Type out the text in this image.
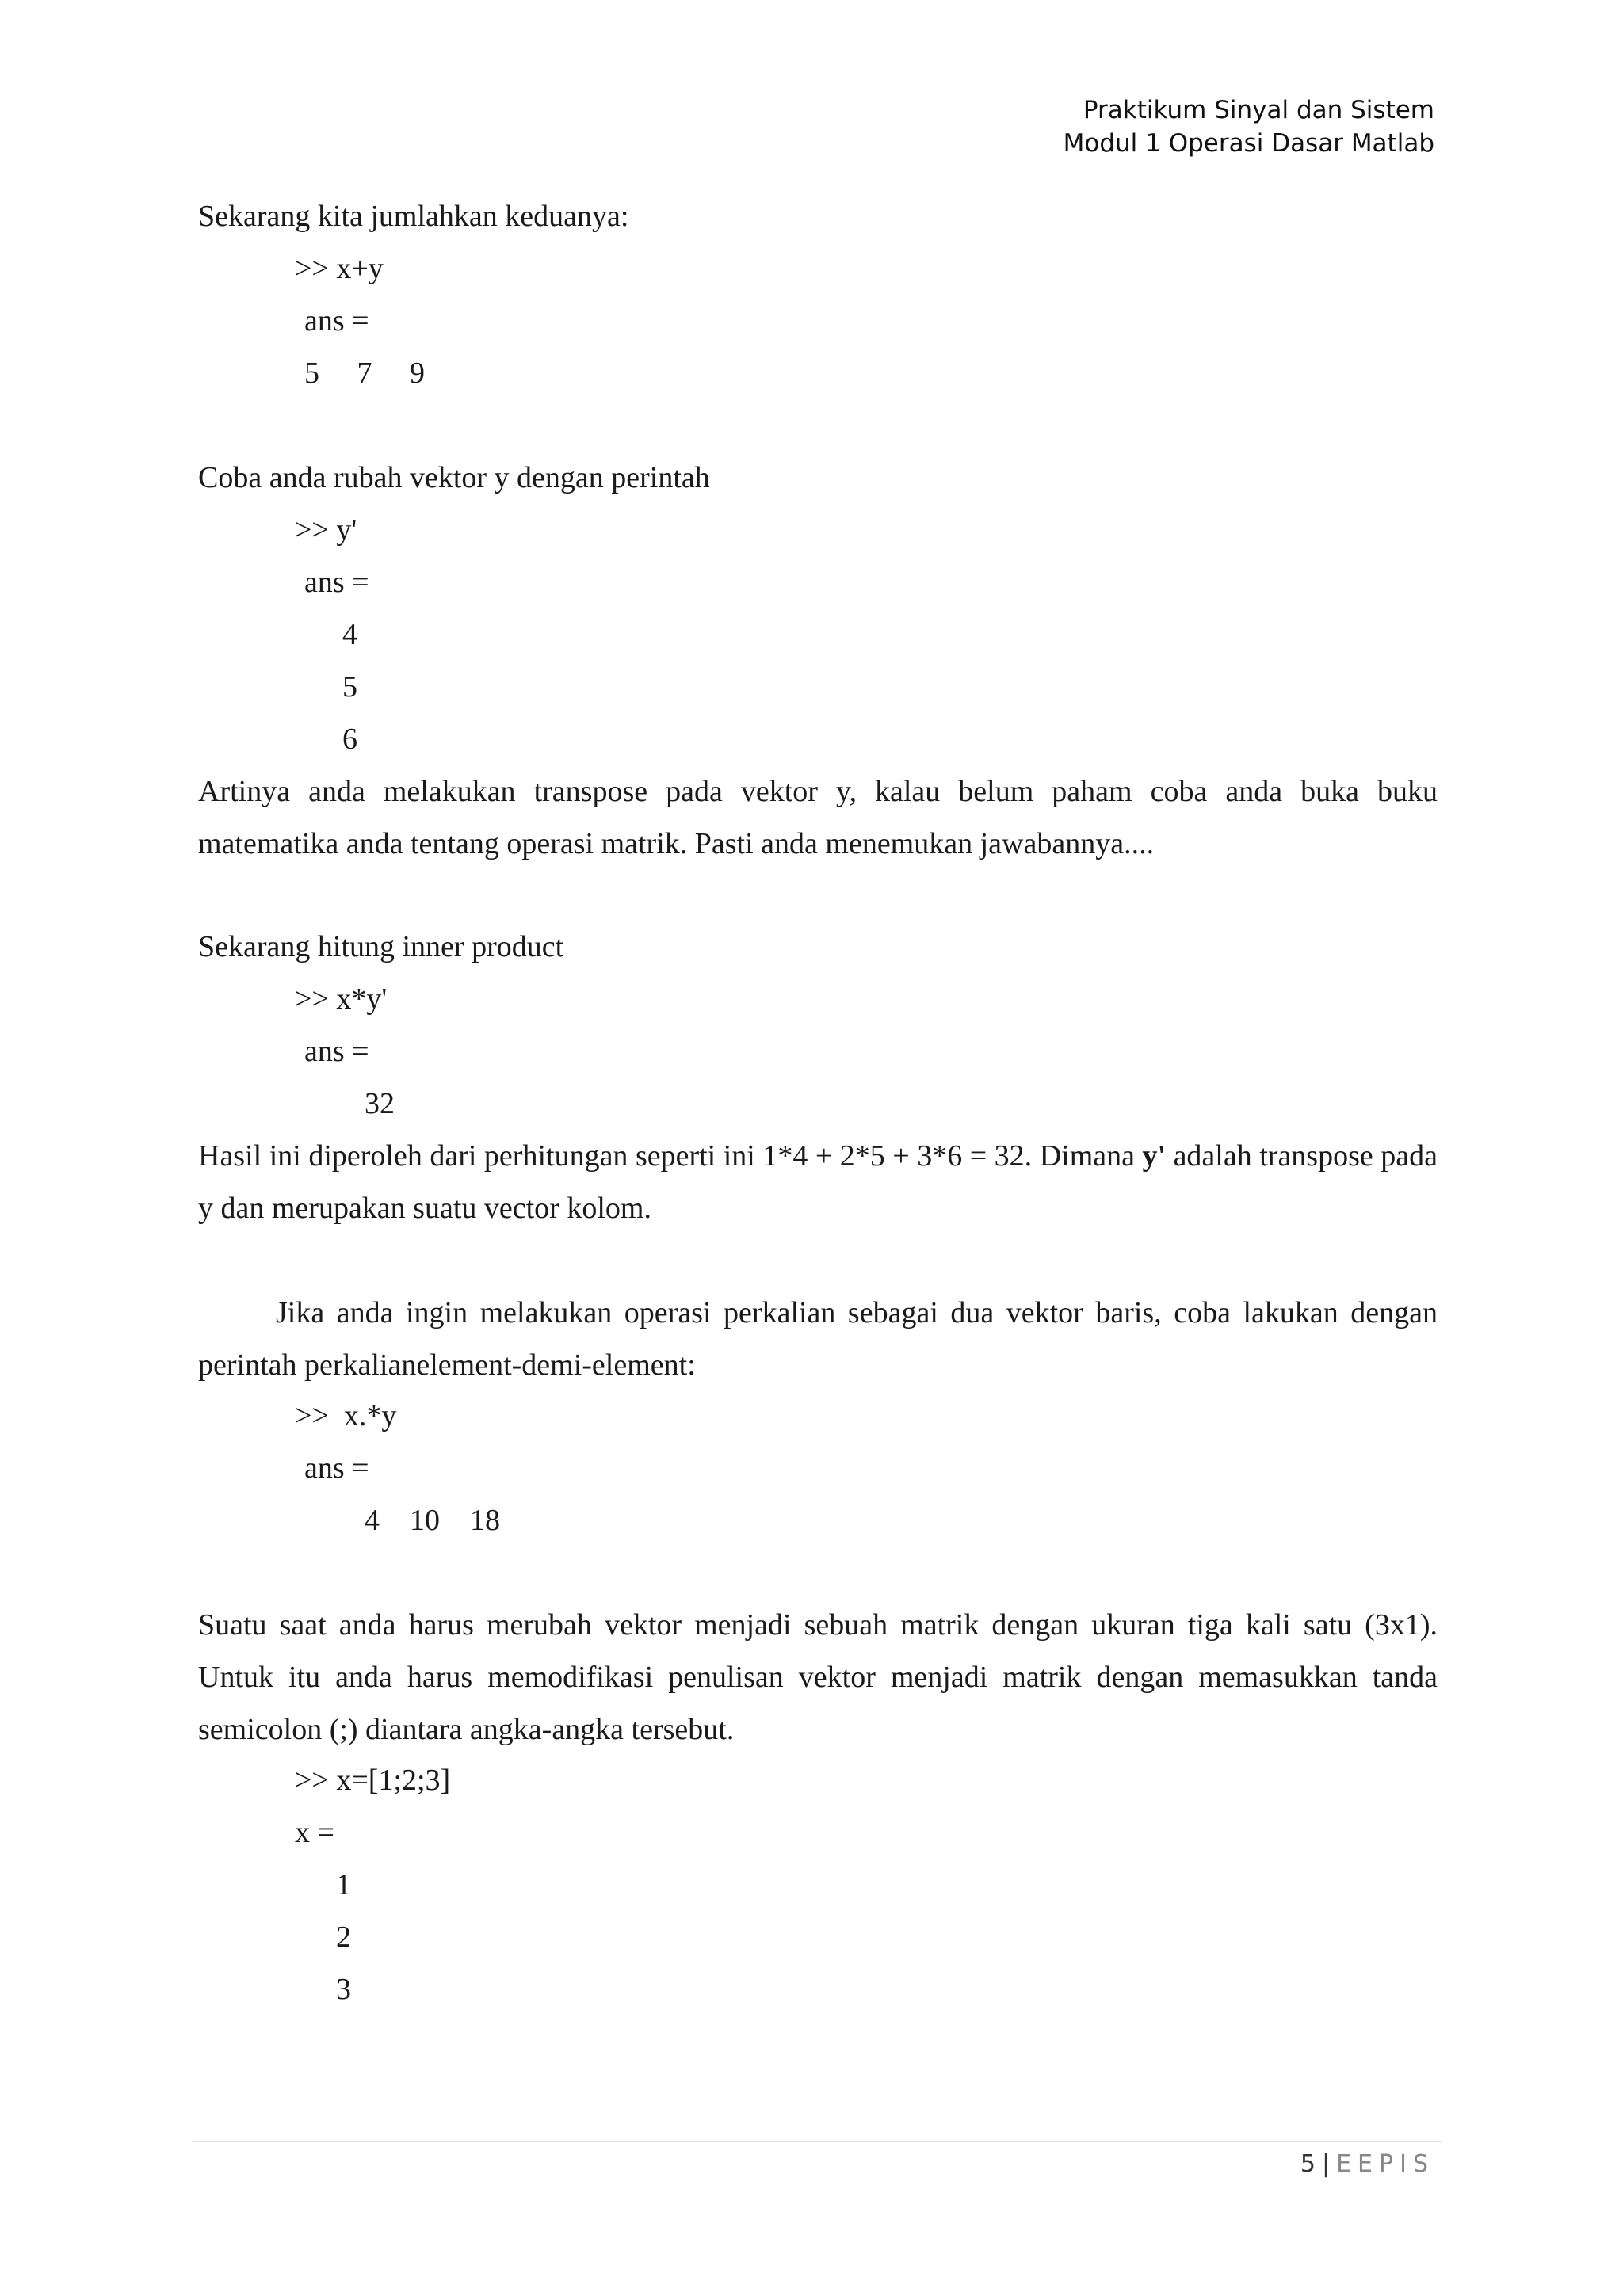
Praktikum Sinyal dan Sistem
Modul 1 Operasi Dasar Matlab

Sekarang kita jumlahkan keduanya:

>> x+y

ans =

5     7     9

Coba anda rubah vektor y dengan perintah

>> y'

ans =

4

5

6

Artinya anda melakukan transpose pada vektor y, kalau belum paham coba anda buka buku matematika anda tentang operasi matrik. Pasti anda menemukan jawabannya....

Sekarang hitung inner product

>> x*y'

ans =

32

Hasil ini diperoleh dari perhitungan seperti ini 1*4 + 2*5 + 3*6 = 32. Dimana y' adalah transpose pada y dan merupakan suatu vector kolom.

Jika anda ingin melakukan operasi perkalian sebagai dua vektor baris, coba lakukan dengan perintah perkalianelement-demi-element:

>>  x.*y

ans =

4    10    18

Suatu saat anda harus merubah vektor menjadi sebuah matrik dengan ukuran tiga kali satu (3x1). Untuk itu anda harus memodifikasi penulisan vektor menjadi matrik dengan memasukkan tanda semicolon (;) diantara angka-angka tersebut.

>> x=[1;2;3]

x =

1

2

3

5 | EEPIS
